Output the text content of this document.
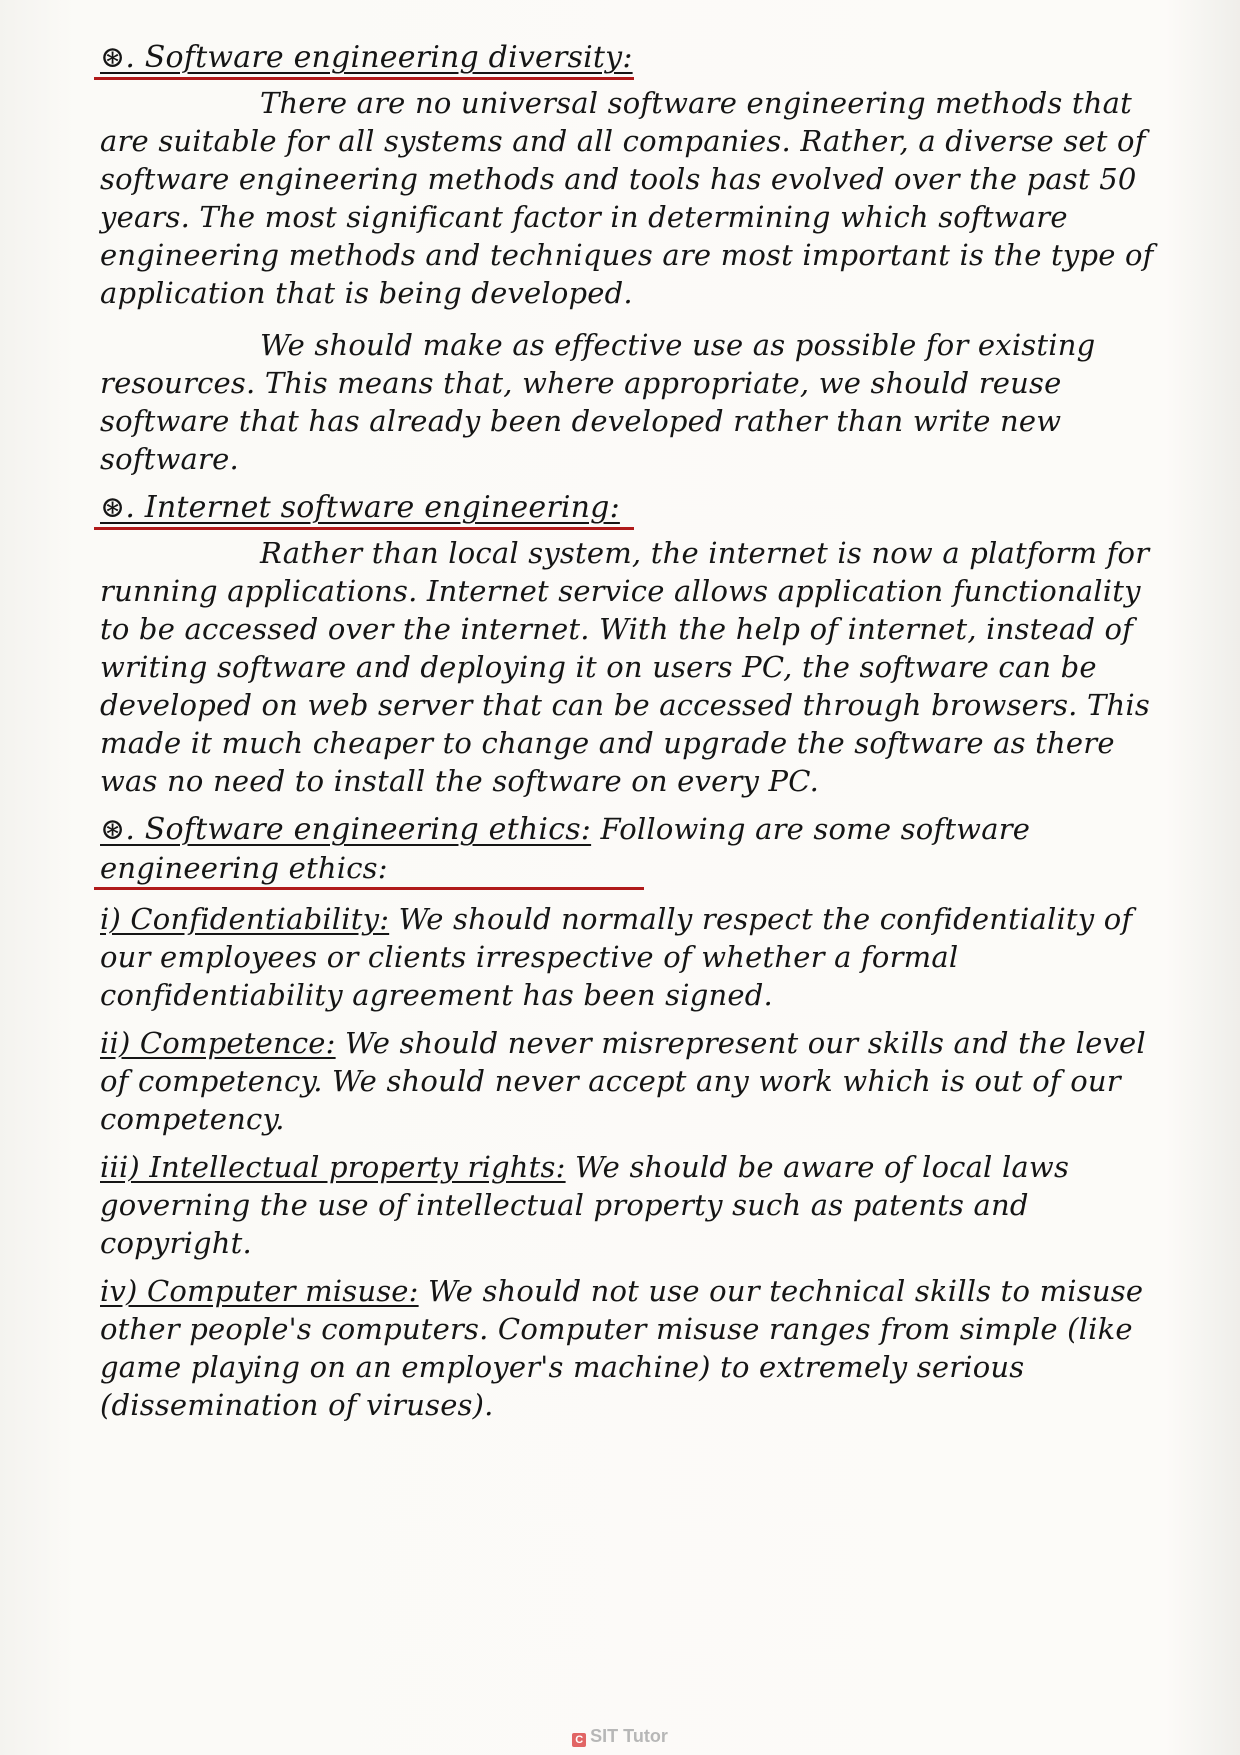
⊛. Software engineering diversity:

There are no universal software engineering methods that are suitable for all systems and all companies. Rather, a diverse set of software engineering methods and tools has evolved over the past 50 years. The most significant factor in determining which software engineering methods and techniques are most important is the type of application that is being developed.

We should make as effective use as possible for existing resources. This means that, where appropriate, we should reuse software that has already been developed rather than write new software.

⊛. Internet software engineering:

Rather than local system, the internet is now a platform for running applications. Internet service allows application functionality to be accessed over the internet. With the help of internet, instead of writing software and deploying it on users PC, the software can be developed on web server that can be accessed through browsers. This made it much cheaper to change and upgrade the software as there was no need to install the software on every PC.

⊛. Software engineering ethics: Following are some software engineering ethics:
i) Confidentiability: We should normally respect the confidentiality of our employees or clients irrespective of whether a formal confidentiability agreement has been signed.
ii) Competence: We should never misrepresent our skills and the level of competency. We should never accept any work which is out of our competency.
iii) Intellectual property rights: We should be aware of local laws governing the use of intellectual property such as patents and copyright.
iv) Computer misuse: We should not use our technical skills to misuse other people's computers. Computer misuse ranges from simple (like game playing on an employer's machine) to extremely serious (dissemination of viruses).
C SIT Tutor
